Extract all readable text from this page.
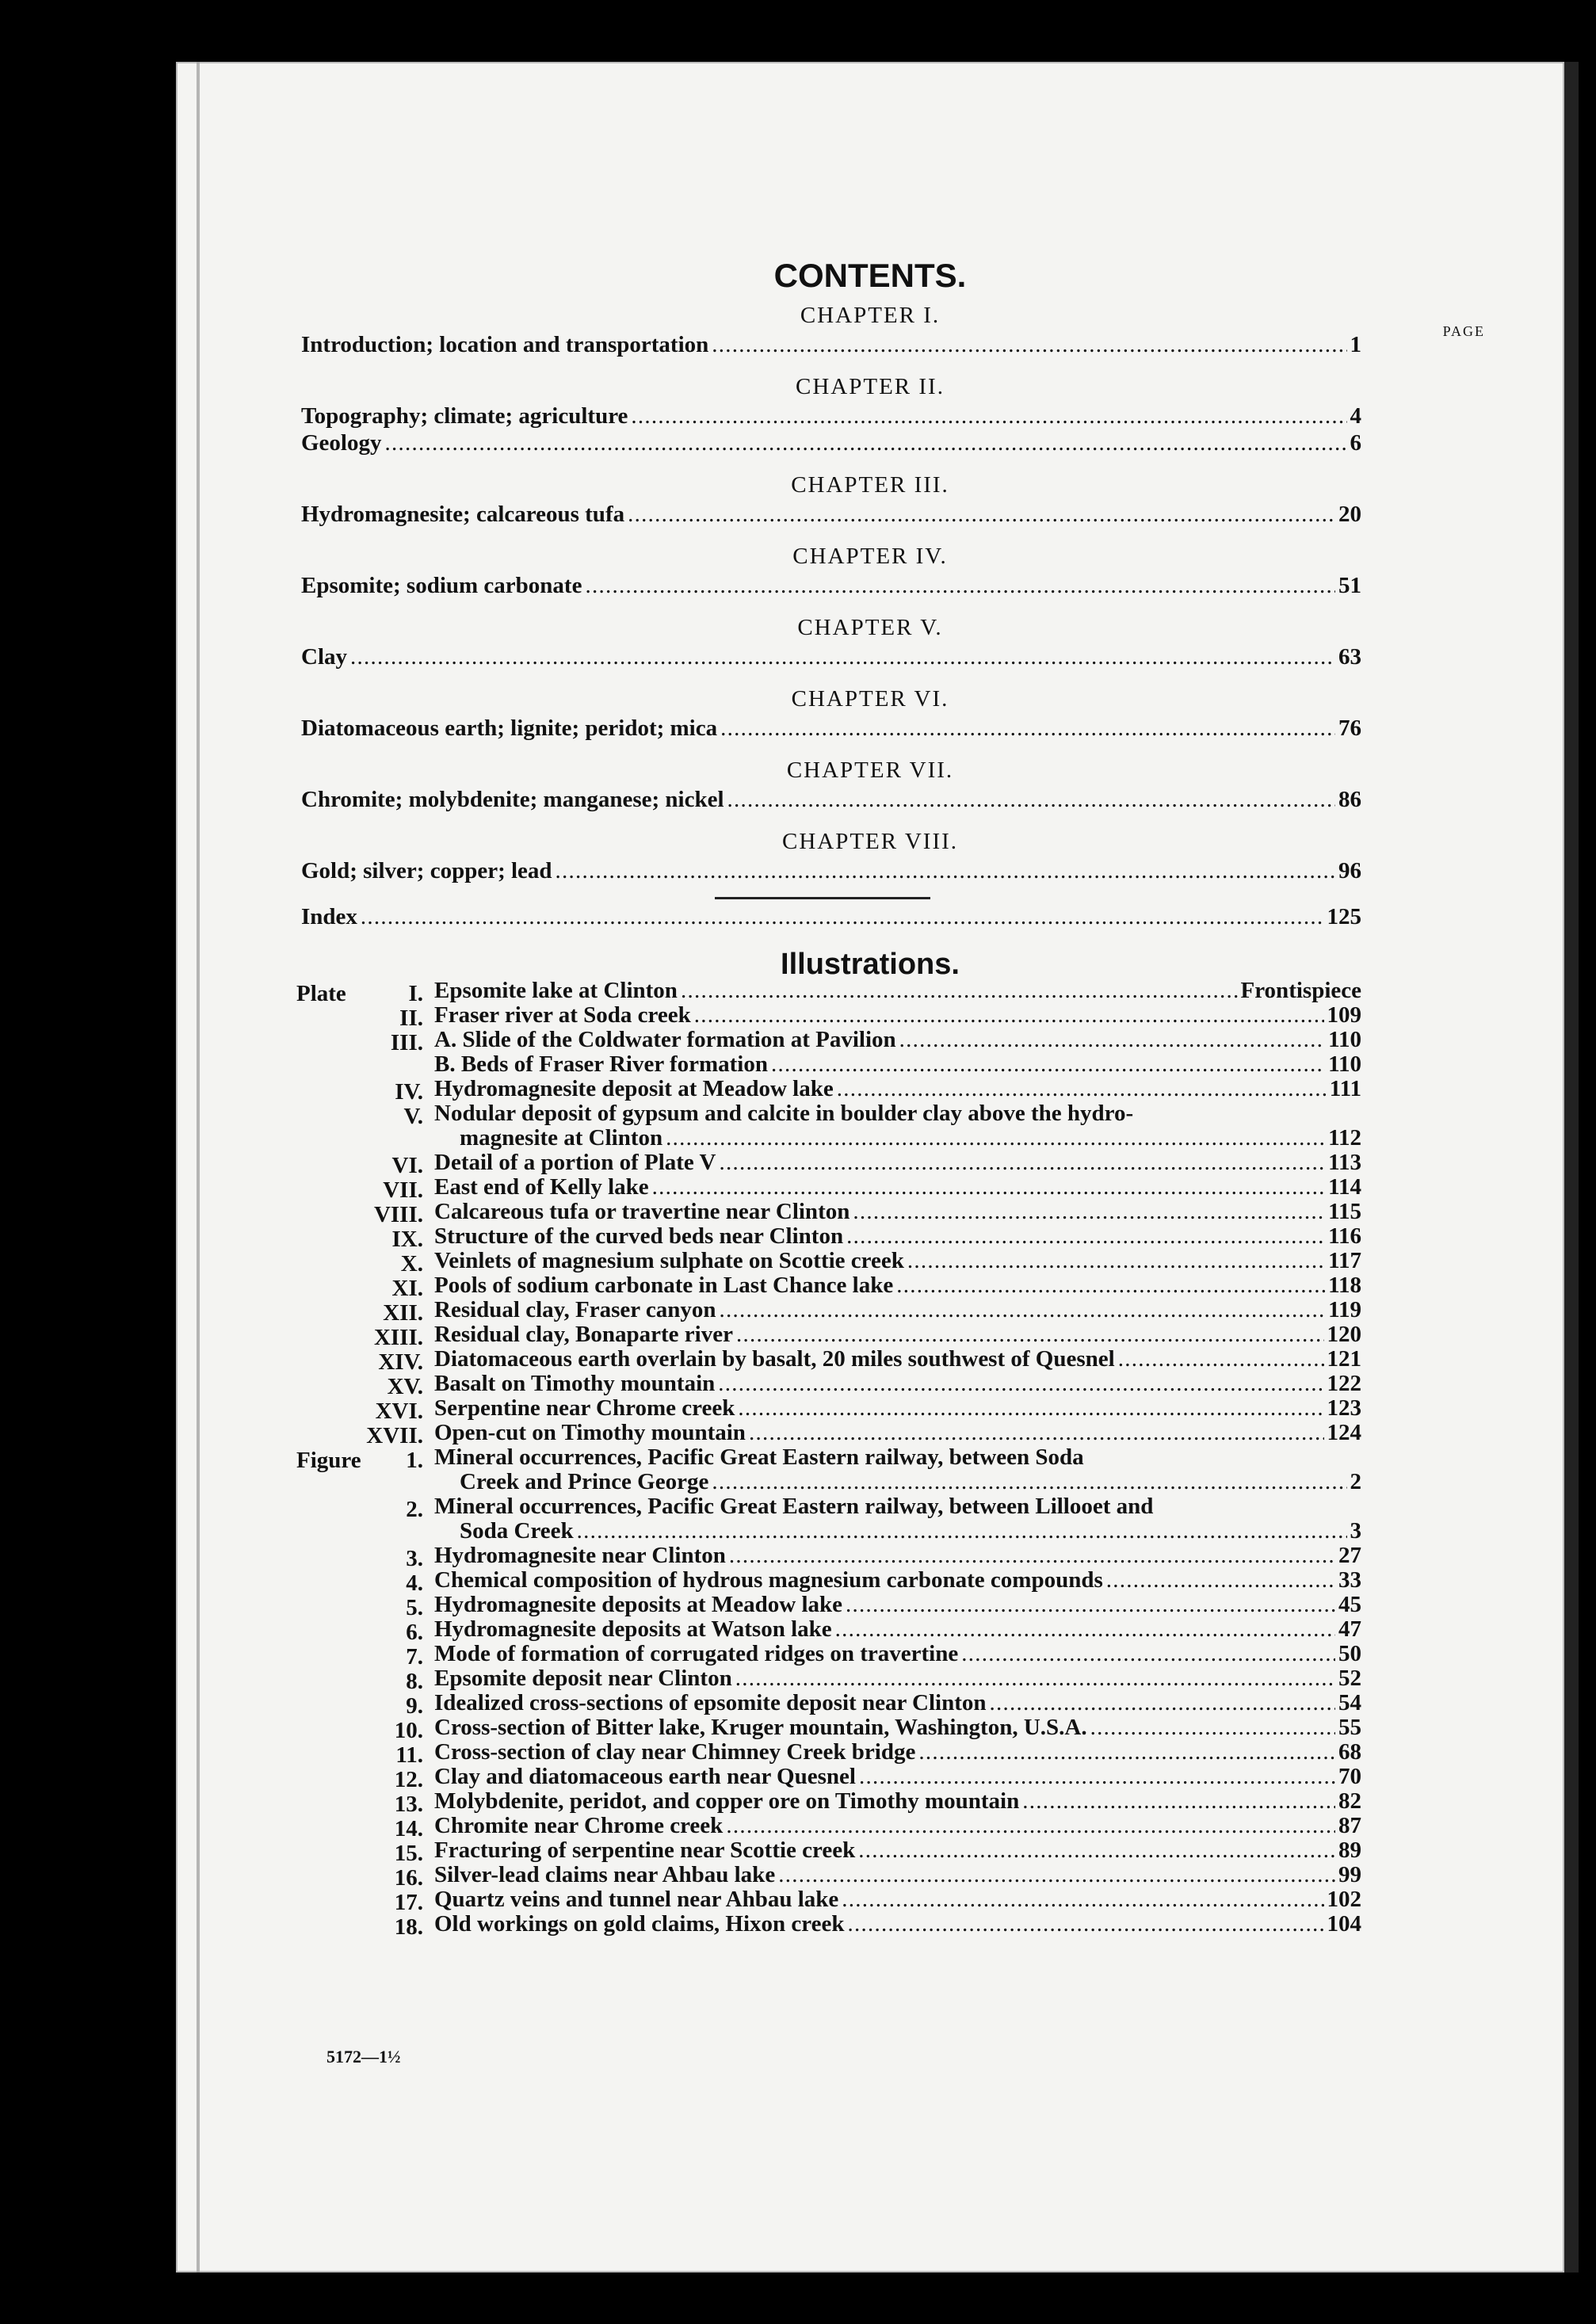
CONTENTS.
PAGE
CHAPTER I.
Introduction; location and transportation . . .	1
CHAPTER II.
Topography; climate; agriculture . . .	4
Geology . . .	6
CHAPTER III.
Hydromagnesite; calcareous tufa . . .	20
CHAPTER IV.
Epsomite; sodium carbonate . . .	51
CHAPTER V.
Clay . . .	63
CHAPTER VI.
Diatomaceous earth; lignite; peridot; mica . . .	76
CHAPTER VII.
Chromite; molybdenite; manganese; nickel . . .	86
CHAPTER VIII.
Gold; silver; copper; lead . . .	96
Index . . .	125
Illustrations.
Plate	I. Epsomite lake at Clinton . . .	Frontispiece
II. Fraser river at Soda creek . . .	109
III. A. Slide of the Coldwater formation at Pavilion . . .	110
B. Beds of Fraser River formation . . .	110
IV. Hydromagnesite deposit at Meadow lake . . .	111
V. Nodular deposit of gypsum and calcite in boulder clay above the hydro-
magnesite at Clinton . . .	112
VI. Detail of a portion of Plate V . . .	113
VII. East end of Kelly lake . . .	114
VIII. Calcareous tufa or travertine near Clinton . . .	115
IX. Structure of the curved beds near Clinton . . .	116
X. Veinlets of magnesium sulphate on Scottie creek . . .	117
XI. Pools of sodium carbonate in Last Chance lake . . .	118
XII. Residual clay, Fraser canyon . . .	119
XIII. Residual clay, Bonaparte river . . .	120
XIV. Diatomaceous earth overlain by basalt, 20 miles southwest of Quesnel . . .	121
XV. Basalt on Timothy mountain . . .	122
XVI. Serpentine near Chrome creek . . .	123
XVII. Open-cut on Timothy mountain . . .	124
Figure	1. Mineral occurrences, Pacific Great Eastern railway, between Soda
Creek and Prince George . . .	2
2. Mineral occurrences, Pacific Great Eastern railway, between Lillooet and
Soda Creek . . .	3
3. Hydromagnesite near Clinton . . .	27
4. Chemical composition of hydrous magnesium carbonate compounds . . .	33
5. Hydromagnesite deposits at Meadow lake . . .	45
6. Hydromagnesite deposits at Watson lake . . .	47
7. Mode of formation of corrugated ridges on travertine . . .	50
8. Epsomite deposit near Clinton . . .	52
9. Idealized cross-sections of epsomite deposit near Clinton . . .	54
10. Cross-section of Bitter lake, Kruger mountain, Washington, U.S.A. . . .	55
11. Cross-section of clay near Chimney Creek bridge . . .	68
12. Clay and diatomaceous earth near Quesnel . . .	70
13. Molybdenite, peridot, and copper ore on Timothy mountain . . .	82
14. Chromite near Chrome creek . . .	87
15. Fracturing of serpentine near Scottie creek . . .	89
16. Silver-lead claims near Ahbau lake . . .	99
17. Quartz veins and tunnel near Ahbau lake . . .	102
18. Old workings on gold claims, Hixon creek . . .	104
5172—1½
